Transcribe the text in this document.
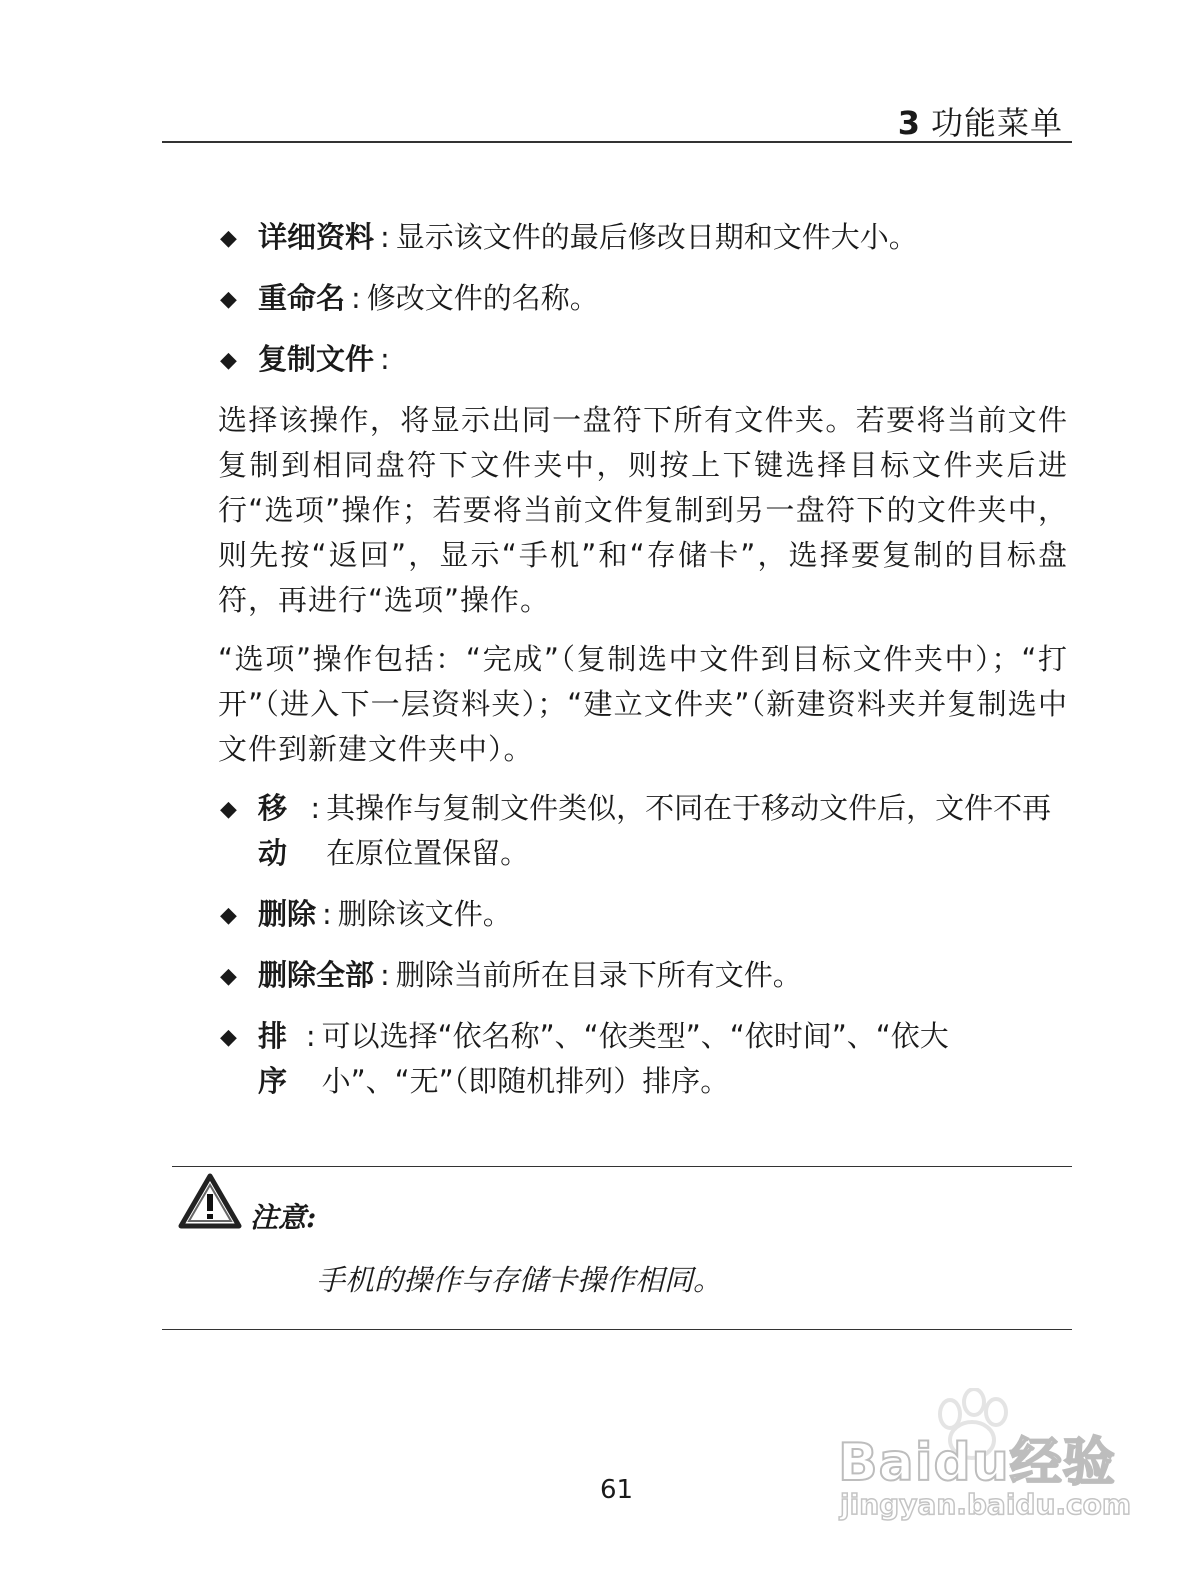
3 功能菜单
◆ 详细资料 : 显示该文件的最后修改日期和文件大小。
◆ 重命名 : 修改文件的名称。
◆ 复制文件 :

选择该操作，将显示出同一盘符下所有文件夹。若要将当前文件复制到相同盘符下文件夹中，则按上下键选择目标文件夹后进行“选项”操作；若要将当前文件复制到另一盘符下的文件夹中，则先按“返回”，显示“手机”和“存储卡”，选择要复制的目标盘符，再进行“选项”操作。

“选项”操作包括：“完成”（复制选中文件到目标文件夹中）；“打开”（进入下一层资料夹）；“建立文件夹”（新建资料夹并复制选中文件到新建文件夹中）。

◆ 移动
: 其操作与复制文件类似，不同在于移动文件后，文件不再在原位置保留。
◆ 删除 : 删除该文件。
◆ 删除全部 : 删除当前所在目录下所有文件。
◆ 排序
: 可以选择“依名称”、“依类型”、“依时间”、“依大小”、“无”（即随机排列）排序。
注意:
手机的操作与存储卡操作相同。
61	Baidu经验
jingyan.baidu.com
